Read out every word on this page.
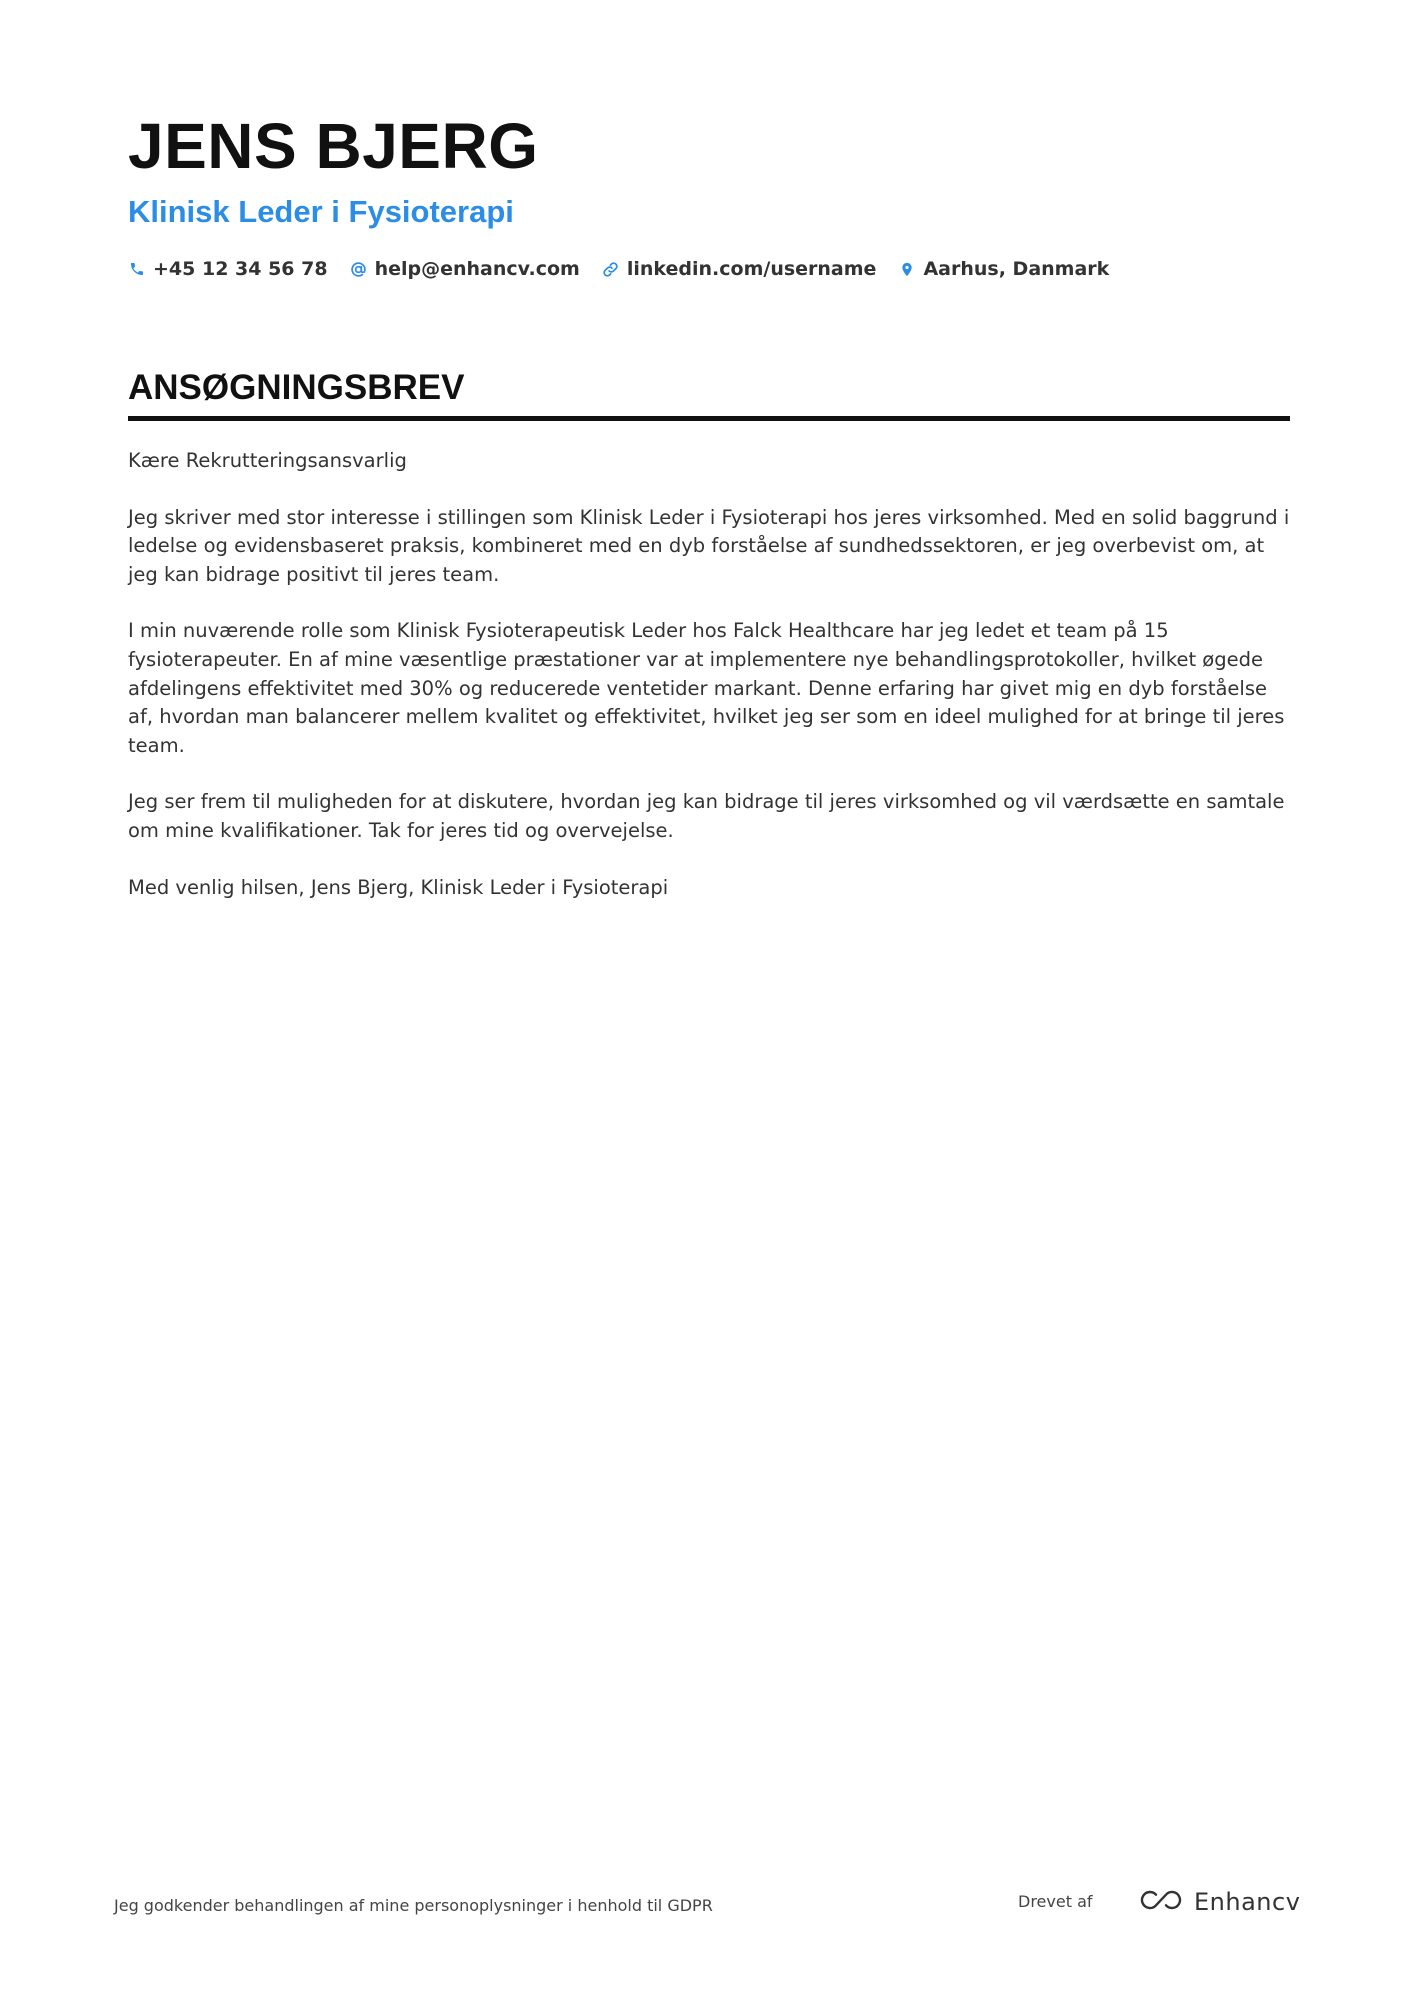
JENS BJERG
Klinisk Leder i Fysioterapi
+45 12 34 56 78 help@enhancv.com linkedin.com/username Aarhus, Danmark
ANSØGNINGSBREV

Kære Rekrutteringsansvarlig

Jeg skriver med stor interesse i stillingen som Klinisk Leder i Fysioterapi hos jeres virksomhed. Med en solid baggrund i ledelse og evidensbaseret praksis, kombineret med en dyb forståelse af sundhedssektoren, er jeg overbevist om, at jeg kan bidrage positivt til jeres team.

I min nuværende rolle som Klinisk Fysioterapeutisk Leder hos Falck Healthcare har jeg ledet et team på 15 fysioterapeuter. En af mine væsentlige præstationer var at implementere nye behandlingsprotokoller, hvilket øgede afdelingens effektivitet med 30% og reducerede ventetider markant. Denne erfaring har givet mig en dyb forståelse af, hvordan man balancerer mellem kvalitet og effektivitet, hvilket jeg ser som en ideel mulighed for at bringe til jeres team.

Jeg ser frem til muligheden for at diskutere, hvordan jeg kan bidrage til jeres virksomhed og vil værdsætte en samtale om mine kvalifikationer. Tak for jeres tid og overvejelse.

Med venlig hilsen, Jens Bjerg, Klinisk Leder i Fysioterapi

Jeg godkender behandlingen af mine personoplysninger i henhold til GDPR	Drevet af	Enhancv
